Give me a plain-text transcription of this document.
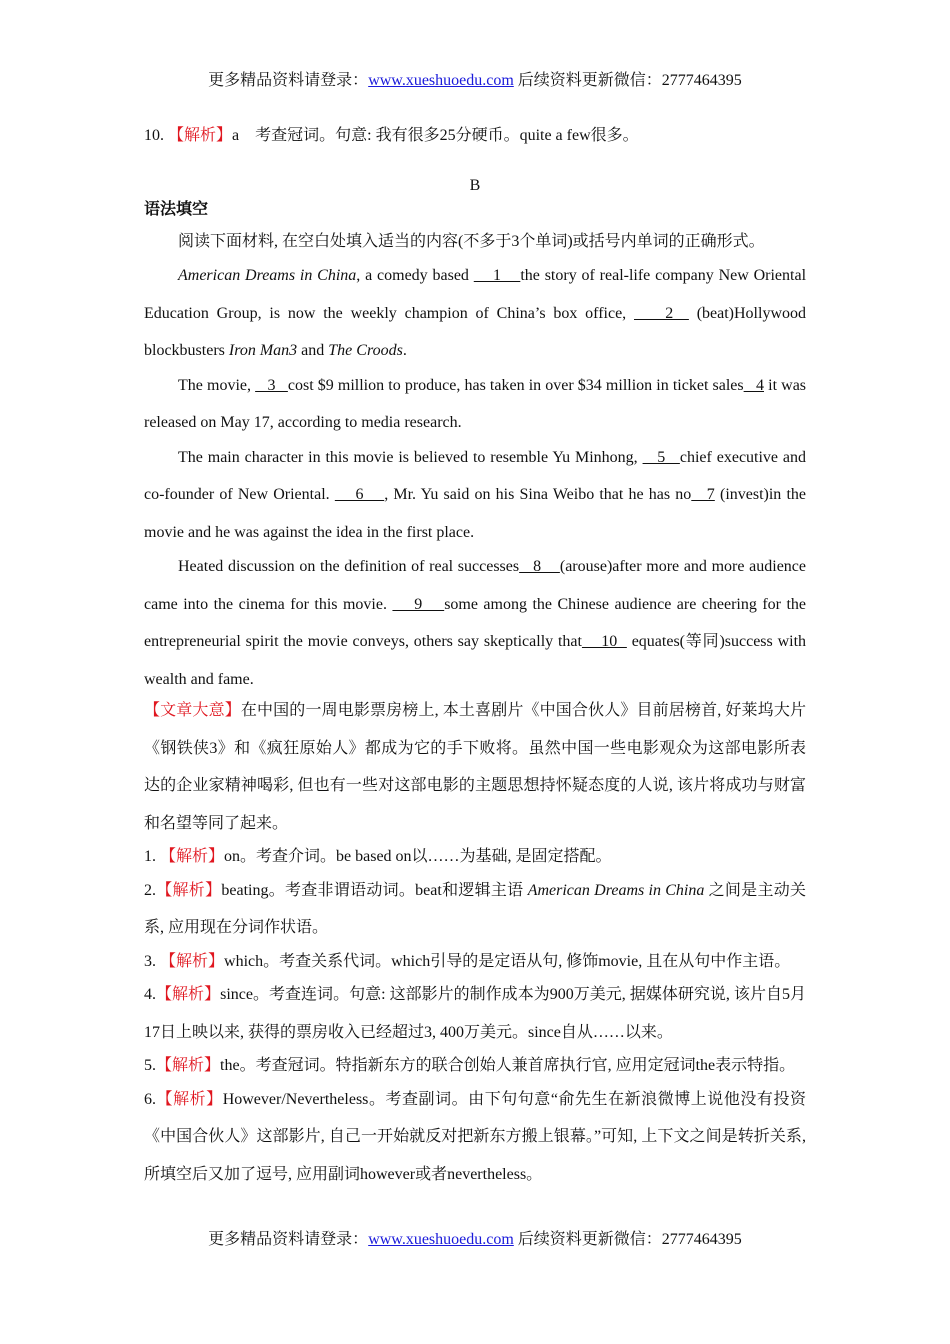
更多精品资料请登录：www.xueshuoedu.com 后续资料更新微信：2777464395

10. 【解析】a　考查冠词。句意: 我有很多25分硬币。quite a few很多。

B

语法填空

阅读下面材料, 在空白处填入适当的内容(不多于3个单词)或括号内单词的正确形式。

American Dreams in China, a comedy based     1    the story of real-life company New Oriental Education Group, is now the weekly champion of China’s box office,     2   (beat)Hollywood blockbusters Iron Man3 and The Croods.

The movie,    3   cost $9 million to produce, has taken in over $34 million in ticket sales   4 it was released on May 17, according to media research.

The main character in this movie is believed to resemble Yu Minhong,    5   chief executive and co-founder of New Oriental.     6    , Mr. Yu said on his Sina Weibo that he has no   7 (invest)in the movie and he was against the idea in the first place.

Heated discussion on the definition of real successes   8    (arouse)after more and more audience came into the cinema for this movie.     9    some among the Chinese audience are cheering for the entrepreneurial spirit the movie conveys, others say skeptically that    10   equates(等同)success with wealth and fame.

【文章大意】在中国的一周电影票房榜上, 本土喜剧片《中国合伙人》目前居榜首, 好莱坞大片《钢铁侠3》和《疯狂原始人》都成为它的手下败将。虽然中国一些电影观众为这部电影所表达的企业家精神喝彩, 但也有一些对这部电影的主题思想持怀疑态度的人说, 该片将成功与财富和名望等同了起来。

1. 【解析】on。考查介词。be based on以……为基础, 是固定搭配。

2.【解析】beating。考查非谓语动词。beat和逻辑主语 American Dreams in China 之间是主动关系, 应用现在分词作状语。

3. 【解析】which。考查关系代词。which引导的是定语从句, 修饰movie, 且在从句中作主语。

4.【解析】since。考查连词。句意: 这部影片的制作成本为900万美元, 据媒体研究说, 该片自5月17日上映以来, 获得的票房收入已经超过3, 400万美元。since自从……以来。

5.【解析】the。考查冠词。特指新东方的联合创始人兼首席执行官, 应用定冠词the表示特指。

6.【解析】However/Nevertheless。考查副词。由下句句意“俞先生在新浪微博上说他没有投资《中国合伙人》这部影片, 自己一开始就反对把新东方搬上银幕。”可知, 上下文之间是转折关系, 所填空后又加了逗号, 应用副词however或者nevertheless。

更多精品资料请登录：www.xueshuoedu.com 后续资料更新微信：2777464395
